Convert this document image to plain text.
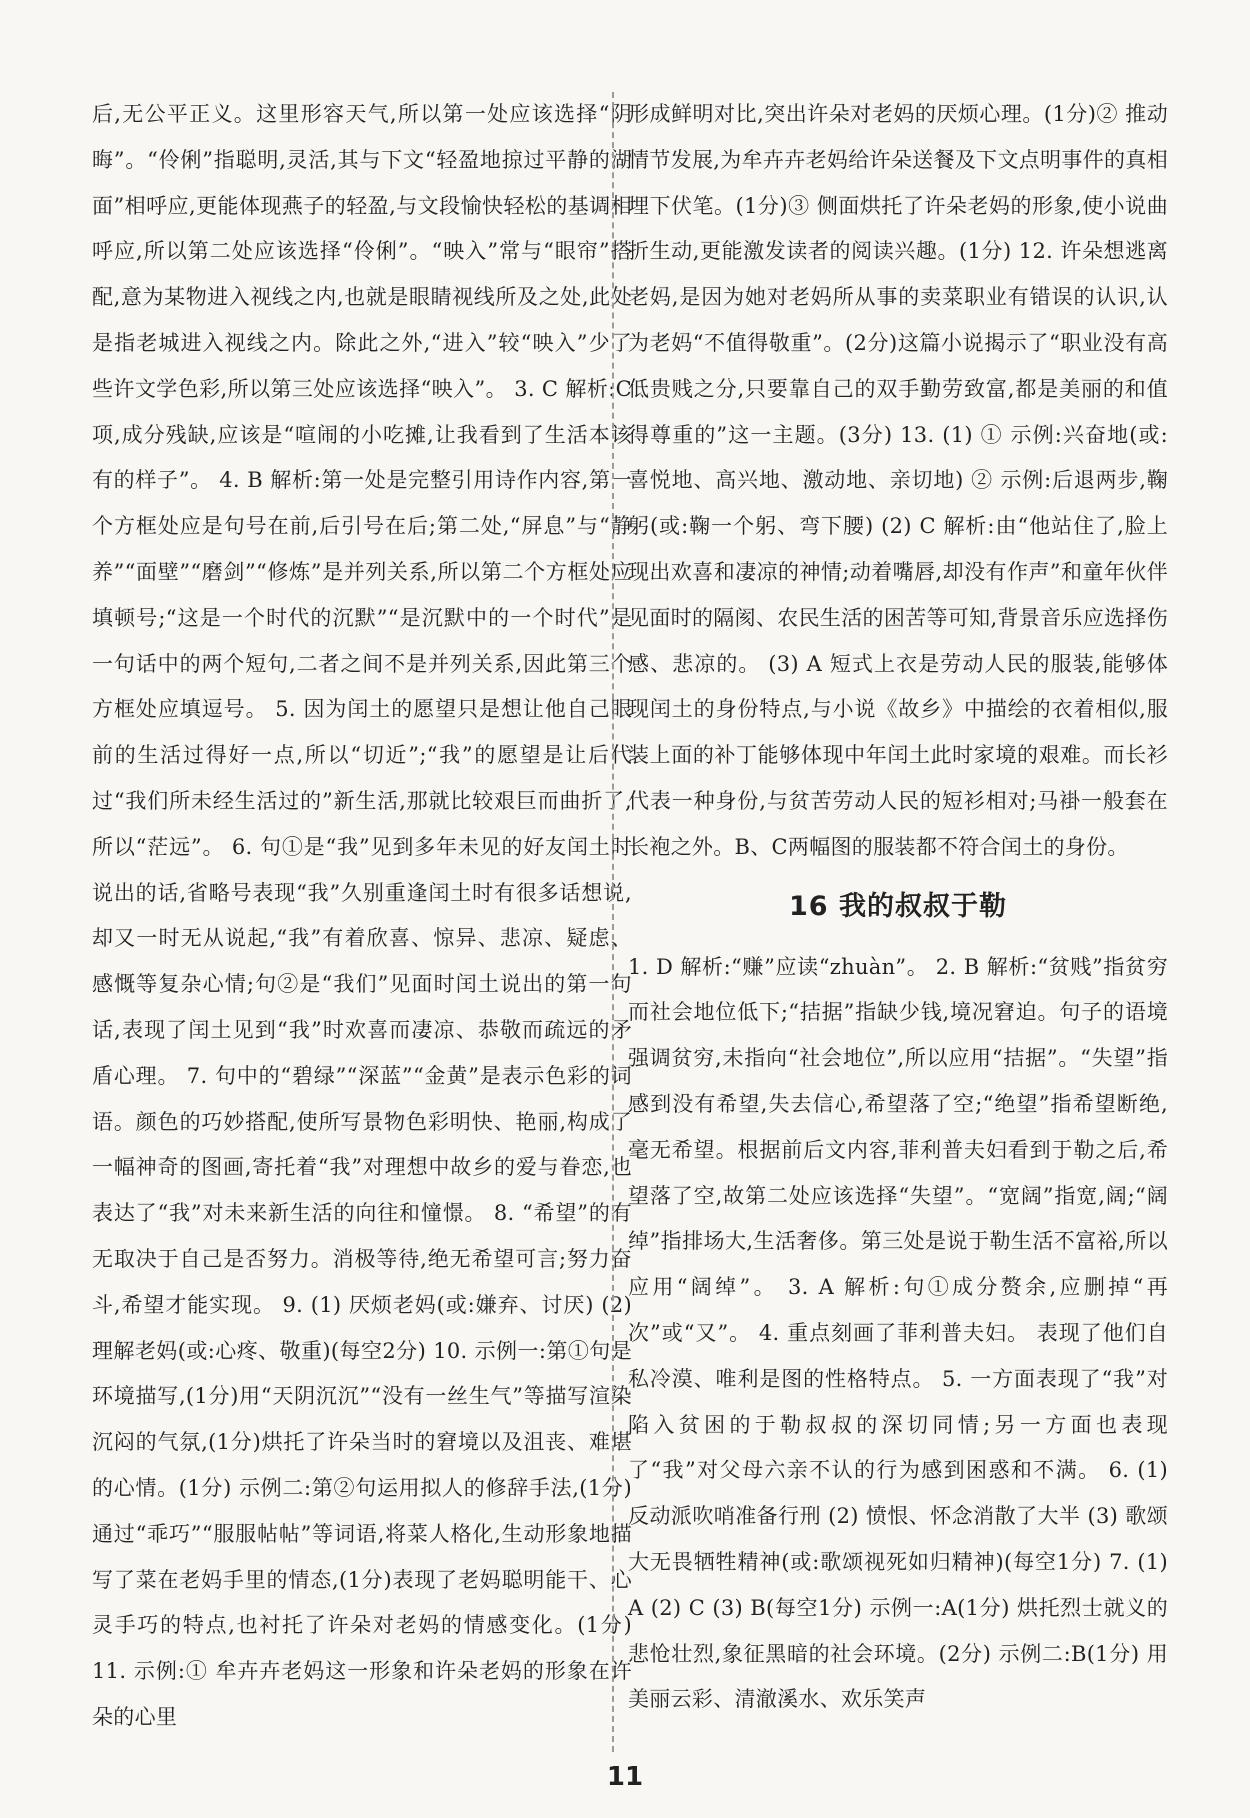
后,无公平正义。这里形容天气,所以第一处应该选择“阴晦”。“伶俐”指聪明,灵活,其与下文“轻盈地掠过平静的湖面”相呼应,更能体现燕子的轻盈,与文段愉快轻松的基调相呼应,所以第二处应该选择“伶俐”。“映入”常与“眼帘”搭配,意为某物进入视线之内,也就是眼睛视线所及之处,此处是指老城进入视线之内。除此之外,“进入”较“映入”少了些许文学色彩,所以第三处应该选择“映入”。 3. C 解析:C项,成分残缺,应该是“喧闹的小吃摊,让我看到了生活本该有的样子”。 4. B 解析:第一处是完整引用诗作内容,第一个方框处应是句号在前,后引号在后;第二处,“屏息”与“静养”“面壁”“磨剑”“修炼”是并列关系,所以第二个方框处应填顿号;“这是一个时代的沉默”“是沉默中的一个时代”是一句话中的两个短句,二者之间不是并列关系,因此第三个方框处应填逗号。 5. 因为闰土的愿望只是想让他自己眼前的生活过得好一点,所以“切近”;“我”的愿望是让后代过“我们所未经生活过的”新生活,那就比较艰巨而曲折了,所以“茫远”。 6. 句①是“我”见到多年未见的好友闰土时说出的话,省略号表现“我”久别重逢闰土时有很多话想说,却又一时无从说起,“我”有着欣喜、惊异、悲凉、疑虑、感慨等复杂心情;句②是“我们”见面时闰土说出的第一句话,表现了闰土见到“我”时欢喜而凄凉、恭敬而疏远的矛盾心理。 7. 句中的“碧绿”“深蓝”“金黄”是表示色彩的词语。颜色的巧妙搭配,使所写景物色彩明快、艳丽,构成了一幅神奇的图画,寄托着“我”对理想中故乡的爱与眷恋,也表达了“我”对未来新生活的向往和憧憬。 8. “希望”的有无取决于自己是否努力。消极等待,绝无希望可言;努力奋斗,希望才能实现。 9. (1) 厌烦老妈(或:嫌弃、讨厌) (2) 理解老妈(或:心疼、敬重)(每空2分) 10. 示例一:第①句是环境描写,(1分)用“天阴沉沉”“没有一丝生气”等描写渲染沉闷的气氛,(1分)烘托了许朵当时的窘境以及沮丧、难堪的心情。(1分) 示例二:第②句运用拟人的修辞手法,(1分)通过“乖巧”“服服帖帖”等词语,将菜人格化,生动形象地描写了菜在老妈手里的情态,(1分)表现了老妈聪明能干、心灵手巧的特点,也衬托了许朵对老妈的情感变化。(1分) 11. 示例:① 牟卉卉老妈这一形象和许朵老妈的形象在许朵的心里

形成鲜明对比,突出许朵对老妈的厌烦心理。(1分)② 推动情节发展,为牟卉卉老妈给许朵送餐及下文点明事件的真相埋下伏笔。(1分)③ 侧面烘托了许朵老妈的形象,使小说曲折生动,更能激发读者的阅读兴趣。(1分) 12. 许朵想逃离老妈,是因为她对老妈所从事的卖菜职业有错误的认识,认为老妈“不值得敬重”。(2分)这篇小说揭示了“职业没有高低贵贱之分,只要靠自己的双手勤劳致富,都是美丽的和值得尊重的”这一主题。(3分) 13. (1) ① 示例:兴奋地(或:喜悦地、高兴地、激动地、亲切地) ② 示例:后退两步,鞠躬(或:鞠一个躬、弯下腰) (2) C 解析:由“他站住了,脸上现出欢喜和凄凉的神情;动着嘴唇,却没有作声”和童年伙伴见面时的隔阂、农民生活的困苦等可知,背景音乐应选择伤感、悲凉的。 (3) A 短式上衣是劳动人民的服装,能够体现闰土的身份特点,与小说《故乡》中描绘的衣着相似,服装上面的补丁能够体现中年闰土此时家境的艰难。而长衫代表一种身份,与贫苦劳动人民的短衫相对;马褂一般套在长袍之外。B、C两幅图的服装都不符合闰土的身份。

16 我的叔叔于勒

1. D 解析:“赚”应读“zhuàn”。 2. B 解析:“贫贱”指贫穷而社会地位低下;“拮据”指缺少钱,境况窘迫。句子的语境强调贫穷,未指向“社会地位”,所以应用“拮据”。“失望”指感到没有希望,失去信心,希望落了空;“绝望”指希望断绝,毫无希望。根据前后文内容,菲利普夫妇看到于勒之后,希望落了空,故第二处应该选择“失望”。“宽阔”指宽,阔;“阔绰”指排场大,生活奢侈。第三处是说于勒生活不富裕,所以应用“阔绰”。 3. A 解析:句①成分赘余,应删掉“再次”或“又”。 4. 重点刻画了菲利普夫妇。 表现了他们自私冷漠、唯利是图的性格特点。 5. 一方面表现了“我”对陷入贫困的于勒叔叔的深切同情;另一方面也表现了“我”对父母六亲不认的行为感到困惑和不满。 6. (1) 反动派吹哨准备行刑 (2) 愤恨、怀念消散了大半 (3) 歌颂大无畏牺牲精神(或:歌颂视死如归精神)(每空1分) 7. (1) A (2) C (3) B(每空1分) 示例一:A(1分) 烘托烈士就义的悲怆壮烈,象征黑暗的社会环境。(2分) 示例二:B(1分) 用美丽云彩、清澈溪水、欢乐笑声

11
